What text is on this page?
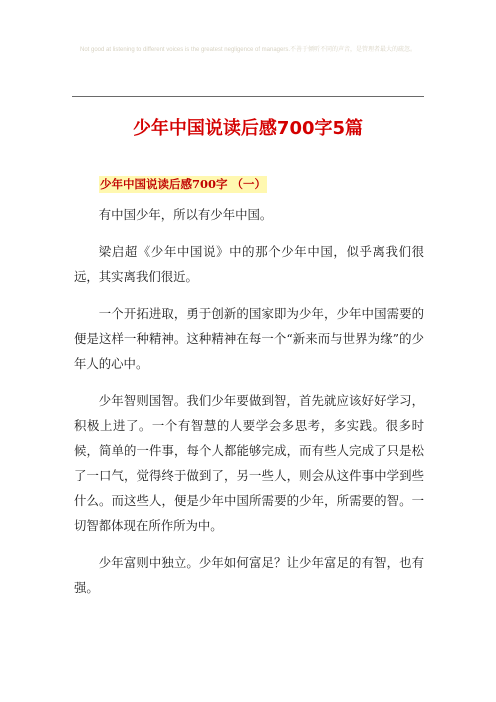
Not good at listening to different voices is the greatest negligence of managers.不善于倾听不同的声音，是管理者最大的疏忽。
少年中国说读后感700字5篇
少年中国说读后感700字 （一）

有中国少年，所以有少年中国。

梁启超《少年中国说》中的那个少年中国，似乎离我们很远，其实离我们很近。

一个开拓进取，勇于创新的国家即为少年，少年中国需要的便是这样一种精神。这种精神在每一个“新来而与世界为缘”的少年人的心中。

少年智则国智。我们少年要做到智，首先就应该好好学习，积极上进了。一个有智慧的人要学会多思考，多实践。很多时候，简单的一件事，每个人都能够完成，而有些人完成了只是松了一口气，觉得终于做到了，另一些人，则会从这件事中学到些什么。而这些人，便是少年中国所需要的少年，所需要的智。一切智都体现在所作所为中。

少年富则中独立。少年如何富足？让少年富足的有智，也有强。
